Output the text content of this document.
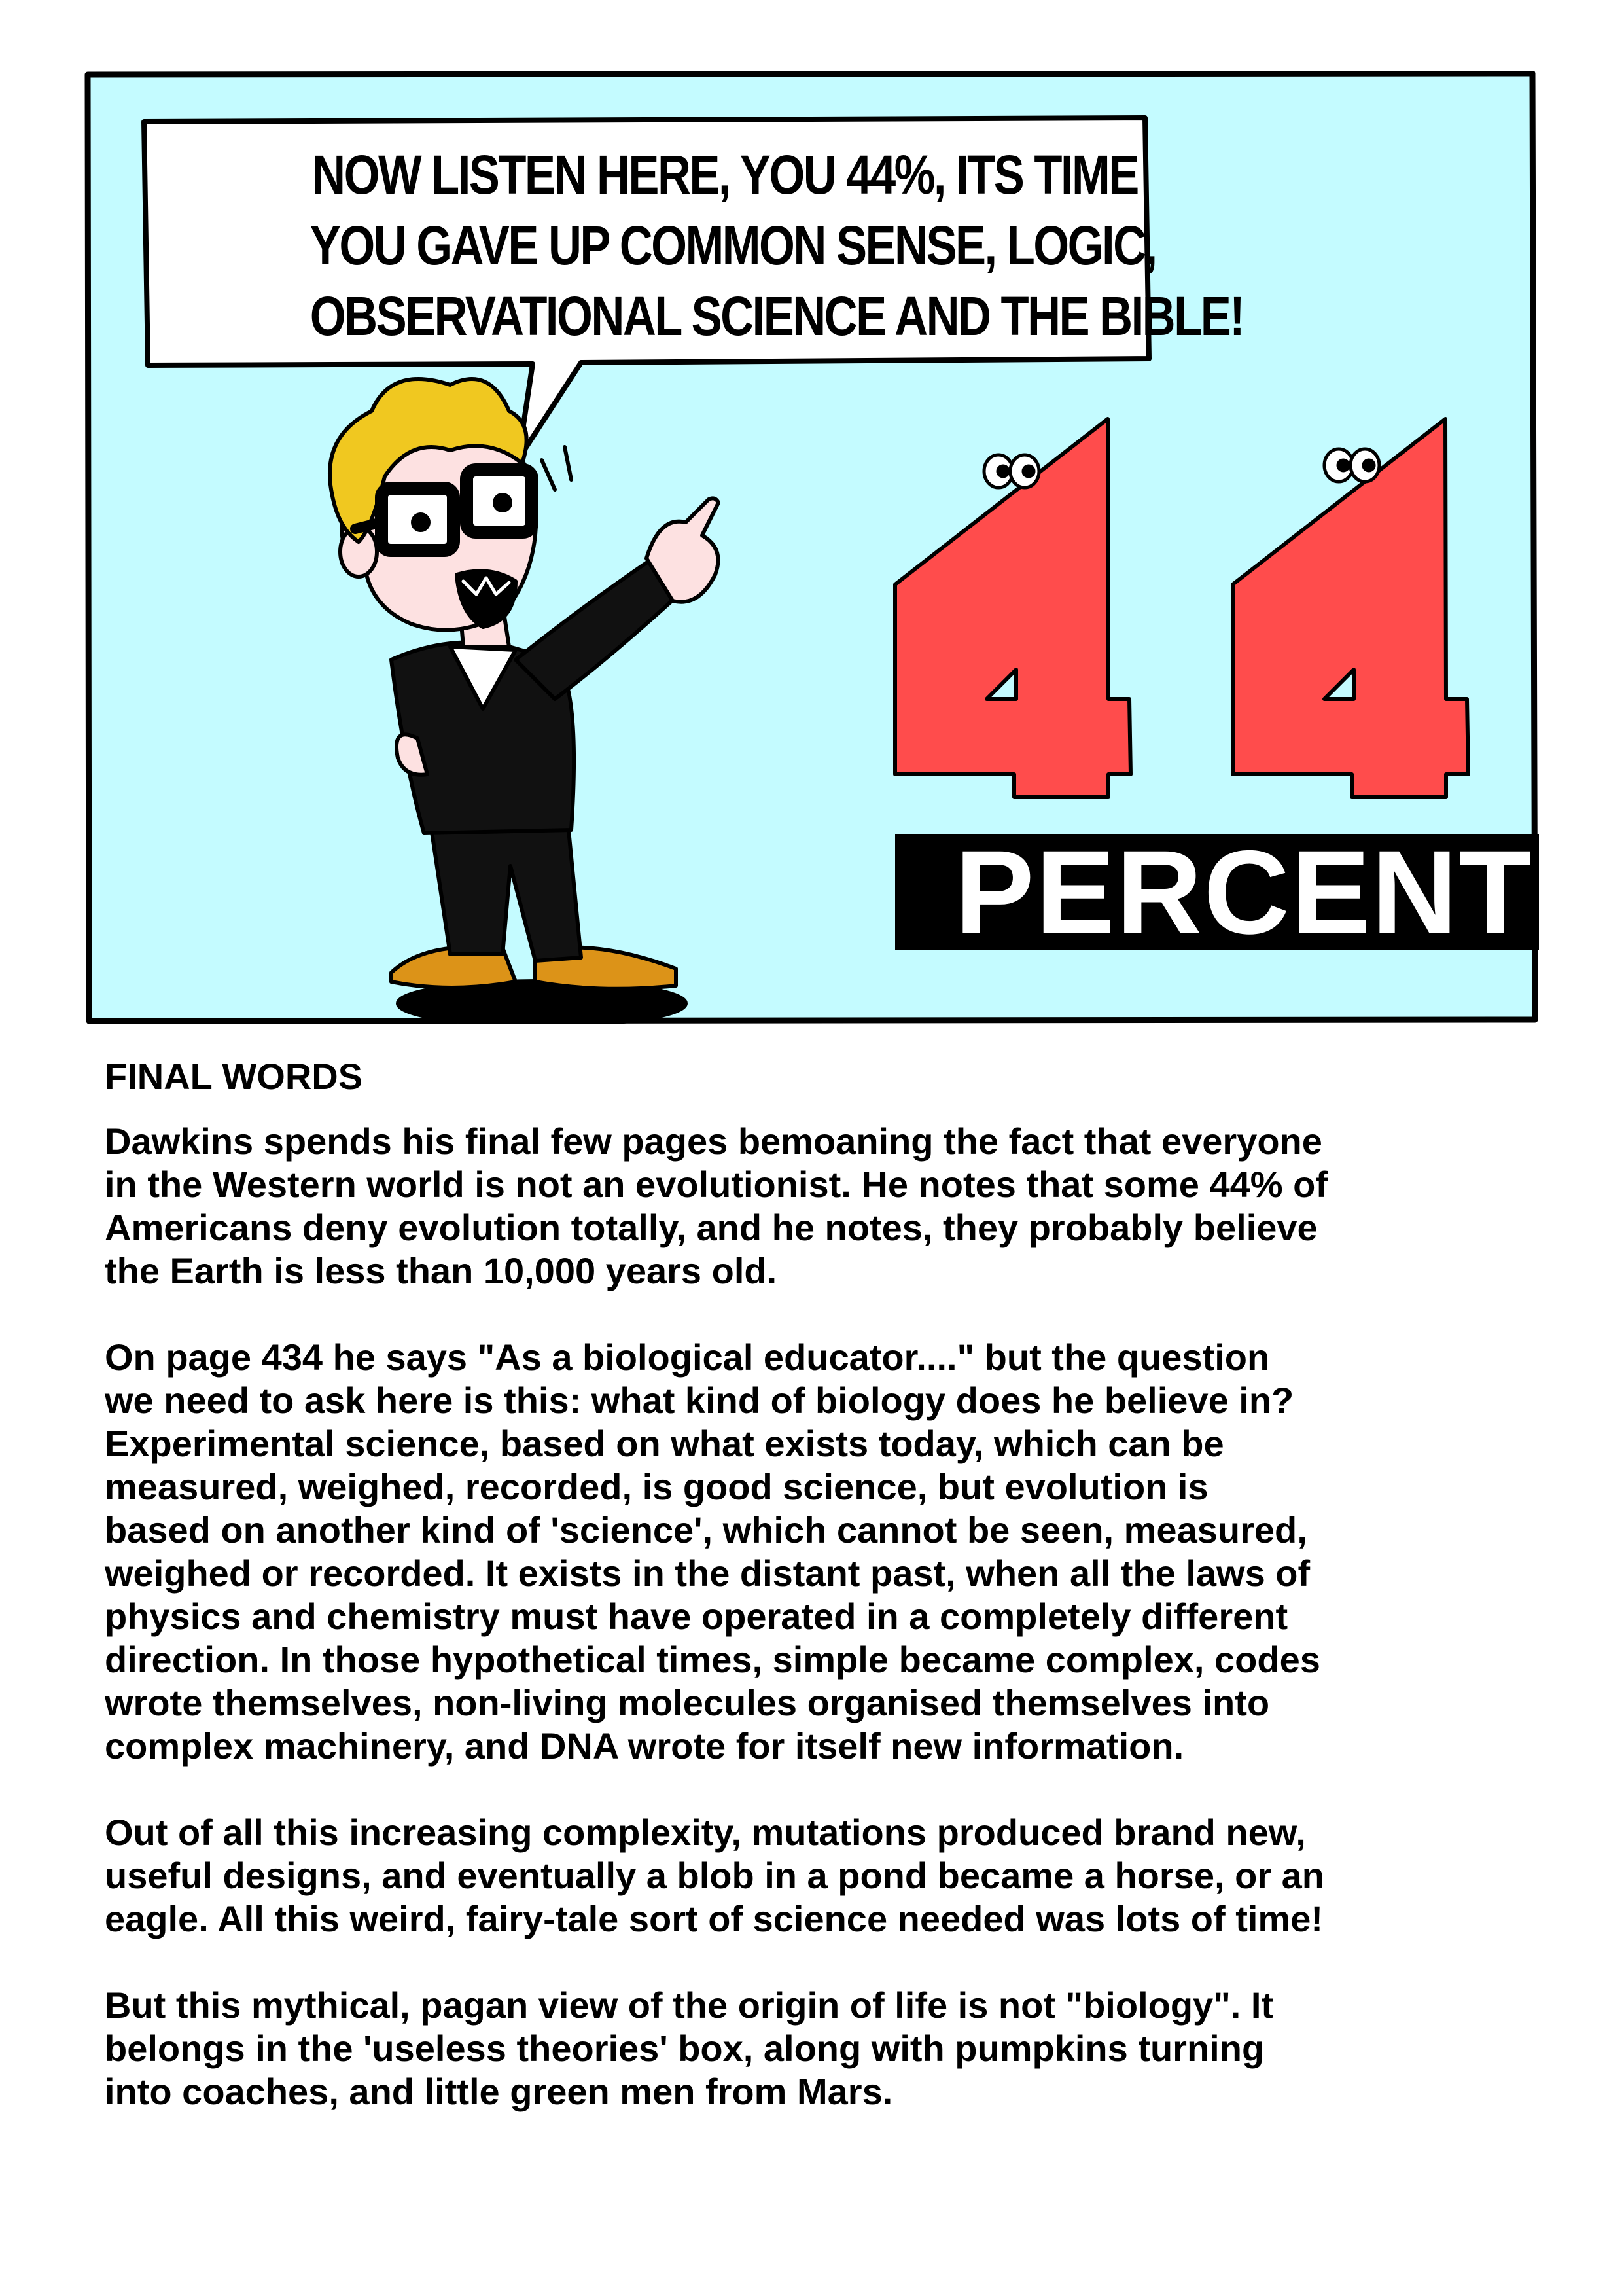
NOW LISTEN HERE, YOU 44%, ITS TIME
YOU GAVE UP COMMON SENSE, LOGIC,
OBSERVATIONAL SCIENCE AND THE BIBLE!
PERCENT
FINAL WORDS
Dawkins spends his final few pages bemoaning the fact that everyone
in the Western world is not an evolutionist. He notes that some 44% of
Americans deny evolution totally, and he notes, they probably believe
the Earth is less than 10,000 years old.
On page 434 he says "As a biological educator...." but the question
we need to ask here is this: what kind of biology does he believe in?
Experimental science, based on what exists today, which can be
measured, weighed, recorded, is good science, but evolution is
based on another kind of 'science', which cannot be seen, measured,
weighed or recorded. It exists in the distant past, when all the laws of
physics and chemistry must have operated in a completely different
direction. In those hypothetical times, simple became complex, codes
wrote themselves, non-living molecules organised themselves into
complex machinery, and DNA wrote for itself new information.
Out of all this increasing complexity, mutations produced brand new,
useful designs, and eventually a blob in a pond became a horse, or an
eagle. All this weird, fairy-tale sort of science needed was lots of time!
But this mythical, pagan view of the origin of life is not "biology". It
belongs in the 'useless theories' box, along with pumpkins turning
into coaches, and little green men from Mars.
